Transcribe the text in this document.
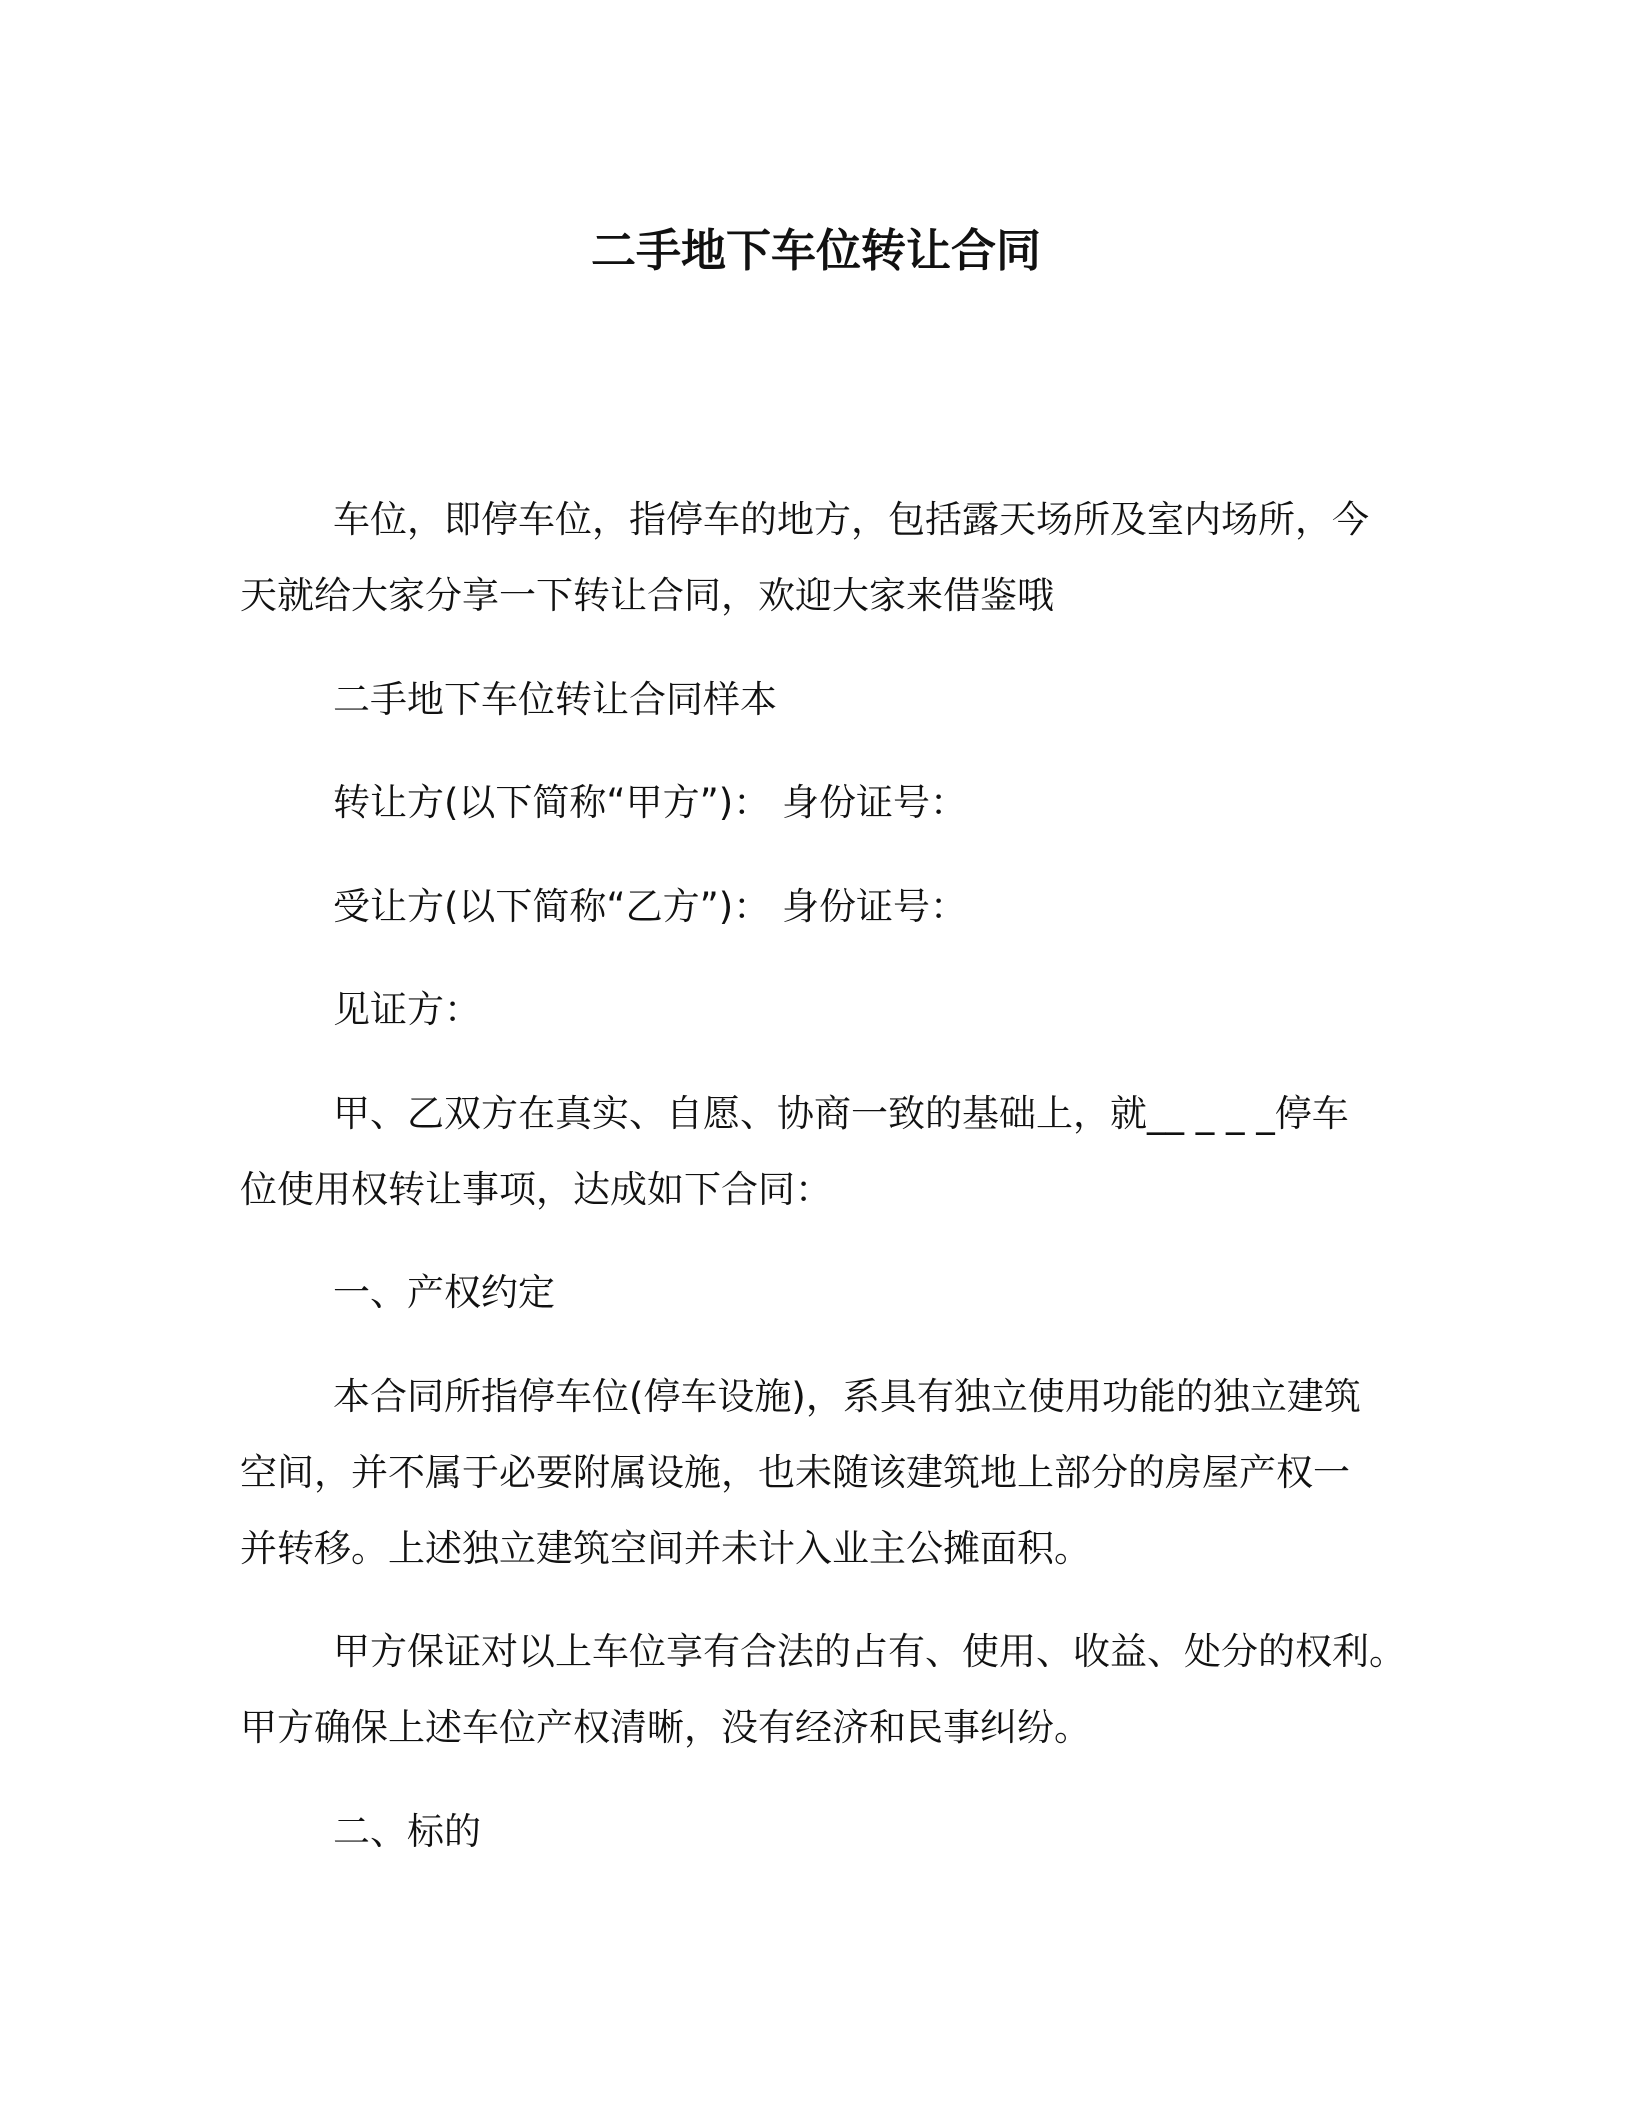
二手地下车位转让合同

车位，即停车位，指停车的地方，包括露天场所及室内场所，今
天就给大家分享一下转让合同，欢迎大家来借鉴哦

二手地下车位转让合同样本

转让方(以下简称“甲方”)： 身份证号：

受让方(以下简称“乙方”)： 身份证号：

见证方：

甲、乙双方在真实、自愿、协商一致的基础上，就__ _ _ _停车
位使用权转让事项，达成如下合同：

一、产权约定

本合同所指停车位(停车设施)，系具有独立使用功能的独立建筑
空间，并不属于必要附属设施，也未随该建筑地上部分的房屋产权一
并转移。上述独立建筑空间并未计入业主公摊面积。

甲方保证对以上车位享有合法的占有、使用、收益、处分的权利。
甲方确保上述车位产权清晰，没有经济和民事纠纷。

二、标的
